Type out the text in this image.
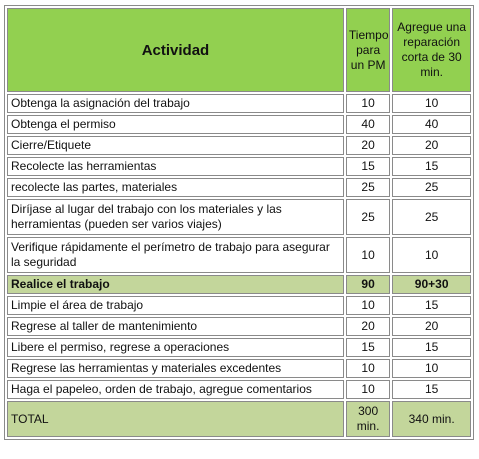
Actividad	Tiempo para un PM	Agregue una reparación corta de 30 min.
Obtenga la asignación del trabajo	10	10
Obtenga el permiso	40	40
Cierre/Etiquete	20	20
Recolecte las herramientas	15	15
recolecte las partes, materiales	25	25
Diríjase al lugar del trabajo con los materiales y las herramientas (pueden ser varios viajes)	25	25
Verifique rápidamente el perímetro de trabajo para asegurar la seguridad	10	10
Realice el trabajo	90	90+30
Limpie el área de trabajo	10	15
Regrese al taller de mantenimiento	20	20
Libere el permiso, regrese a operaciones	15	15
Regrese las herramientas y materiales excedentes	10	10
Haga el papeleo, orden de trabajo, agregue comentarios	10	15
TOTAL	300 min.	340 min.
